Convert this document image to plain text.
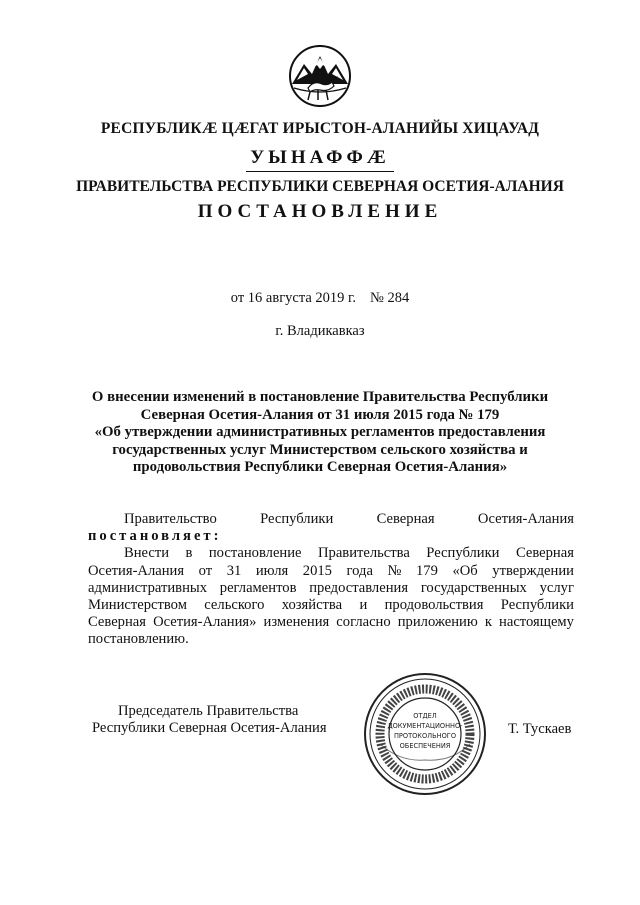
РЕСПУБЛИКÆ ЦÆГАТ ИРЫСТОН-АЛАНИЙЫ ХИЦАУАД
УЫНАФФÆ
ПРАВИТЕЛЬСТВА РЕСПУБЛИКИ СЕВЕРНАЯ ОСЕТИЯ-АЛАНИЯ
ПОСТАНОВЛЕНИЕ
от 16 августа 2019 г. № 284
г. Владикавказ
О внесении изменений в постановление Правительства Республики
Северная Осетия-Алания от 31 июля 2015 года № 179
«Об утверждении административных регламентов предоставления
государственных услуг Министерством сельского хозяйства и
продовольствия Республики Северная Осетия-Алания»
Правительство	Республики	Северная	Осетия-Алания
постановляет:
Внести в постановление Правительства Республики Северная
Осетия-Алания от 31 июля 2015 года № 179 «Об утверждении
административных регламентов предоставления государственных услуг
Министерством сельского хозяйства и продовольствия Республики
Северная Осетия-Алания» изменения согласно приложению к настоящему
постановлению.
Председатель Правительства
Республики Северная Осетия-Алания
ОТДЕЛ
ДОКУМЕНТАЦИОННО-
ПРОТОКОЛЬНОГО
ОБЕСПЕЧЕНИЯ
Т. Тускаев
